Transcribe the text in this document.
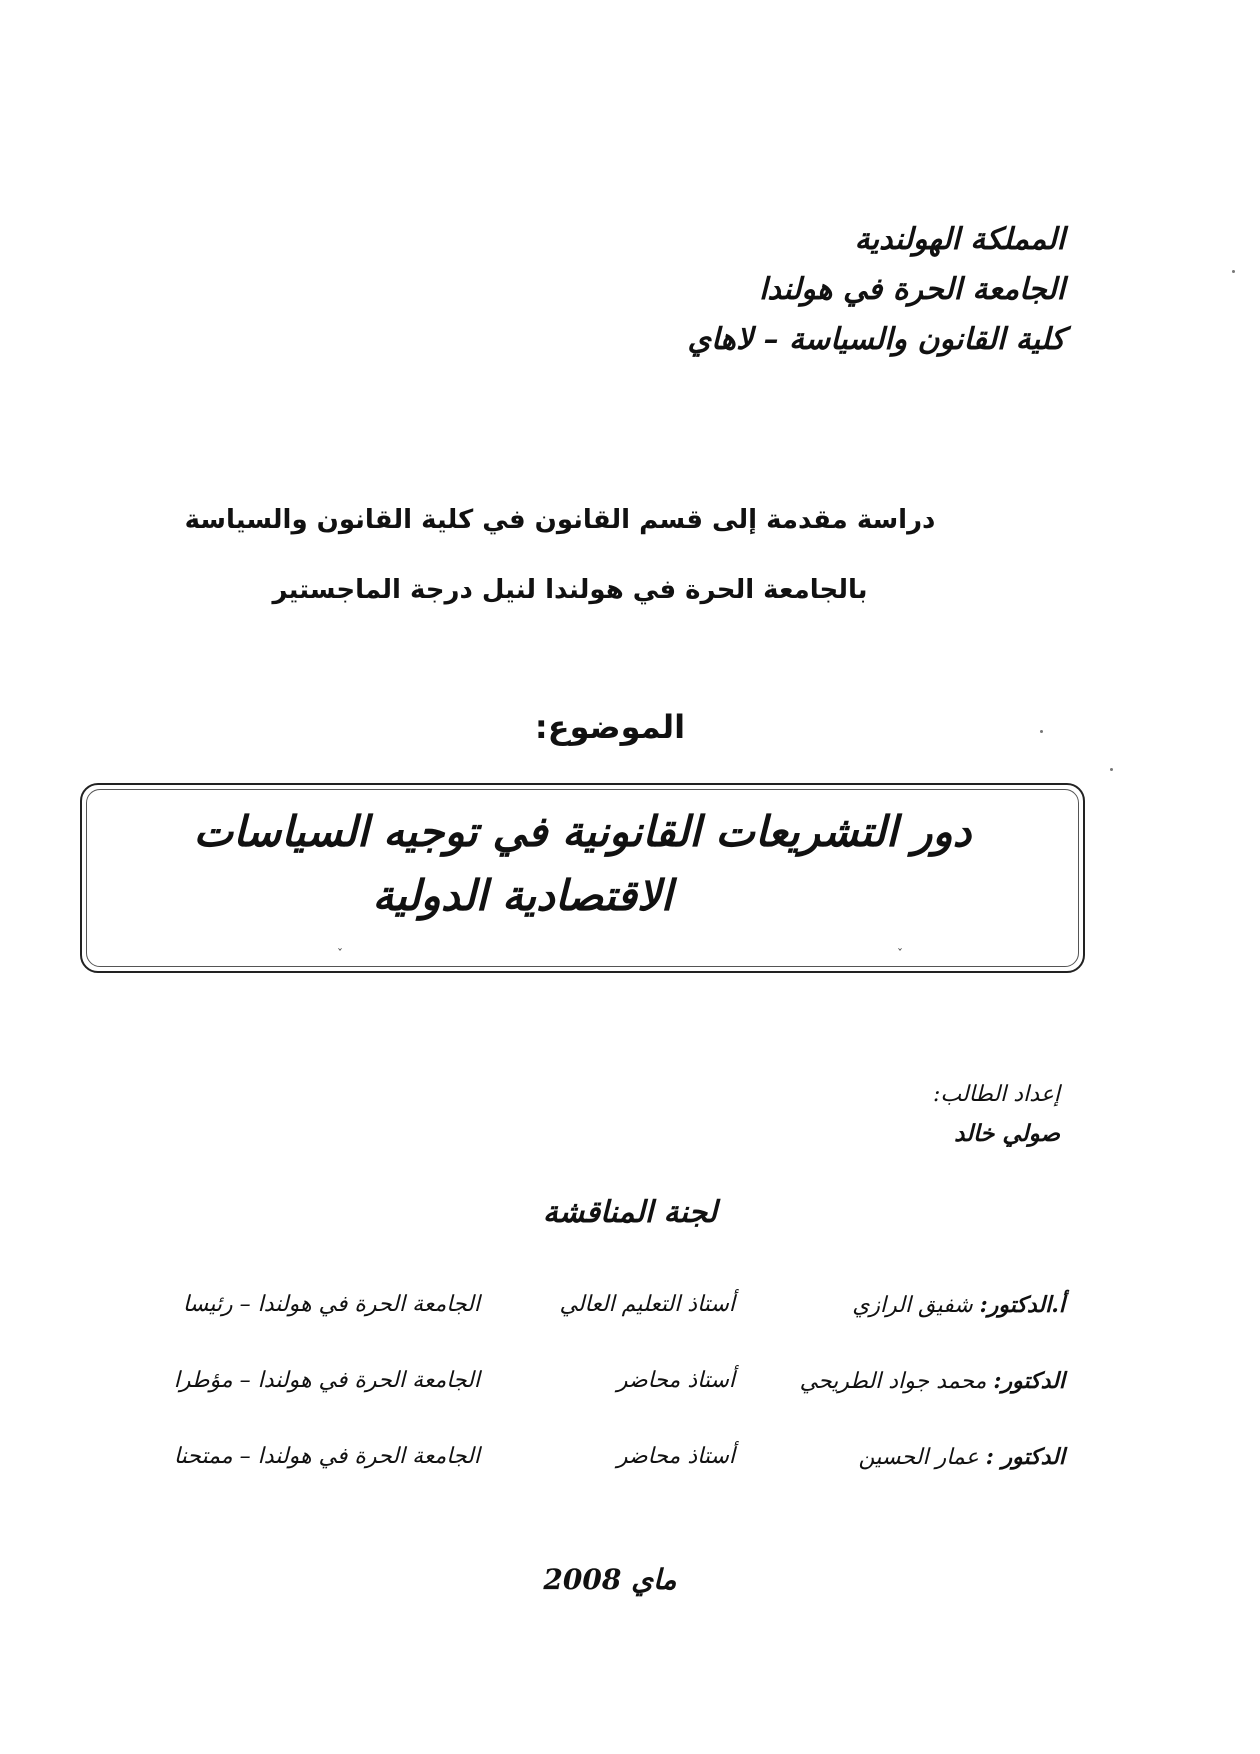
المملكة الهولندية
الجامعة الحرة في هولندا
كلية القانون والسياسة – لاهاي
دراسة مقدمة إلى قسم القانون في كلية القانون والسياسة
بالجامعة الحرة في هولندا لنيل درجة الماجستير
الموضوع:
دور التشريعات القانونية في توجيه السياسات
الاقتصادية الدولية
ˇ	ˇ
إعداد الطالب:
صولي خالد
لجنة المناقشة
أ.الدكتور: شفيق الرازي
أستاذ التعليم العالي
الجامعة الحرة في هولندا – رئيسا
الدكتور: محمد جواد الطريحي
أستاذ محاضر
الجامعة الحرة في هولندا – مؤطرا
الدكتور : عمار الحسين
أستاذ محاضر
الجامعة الحرة في هولندا – ممتحنا
ماي 2008
